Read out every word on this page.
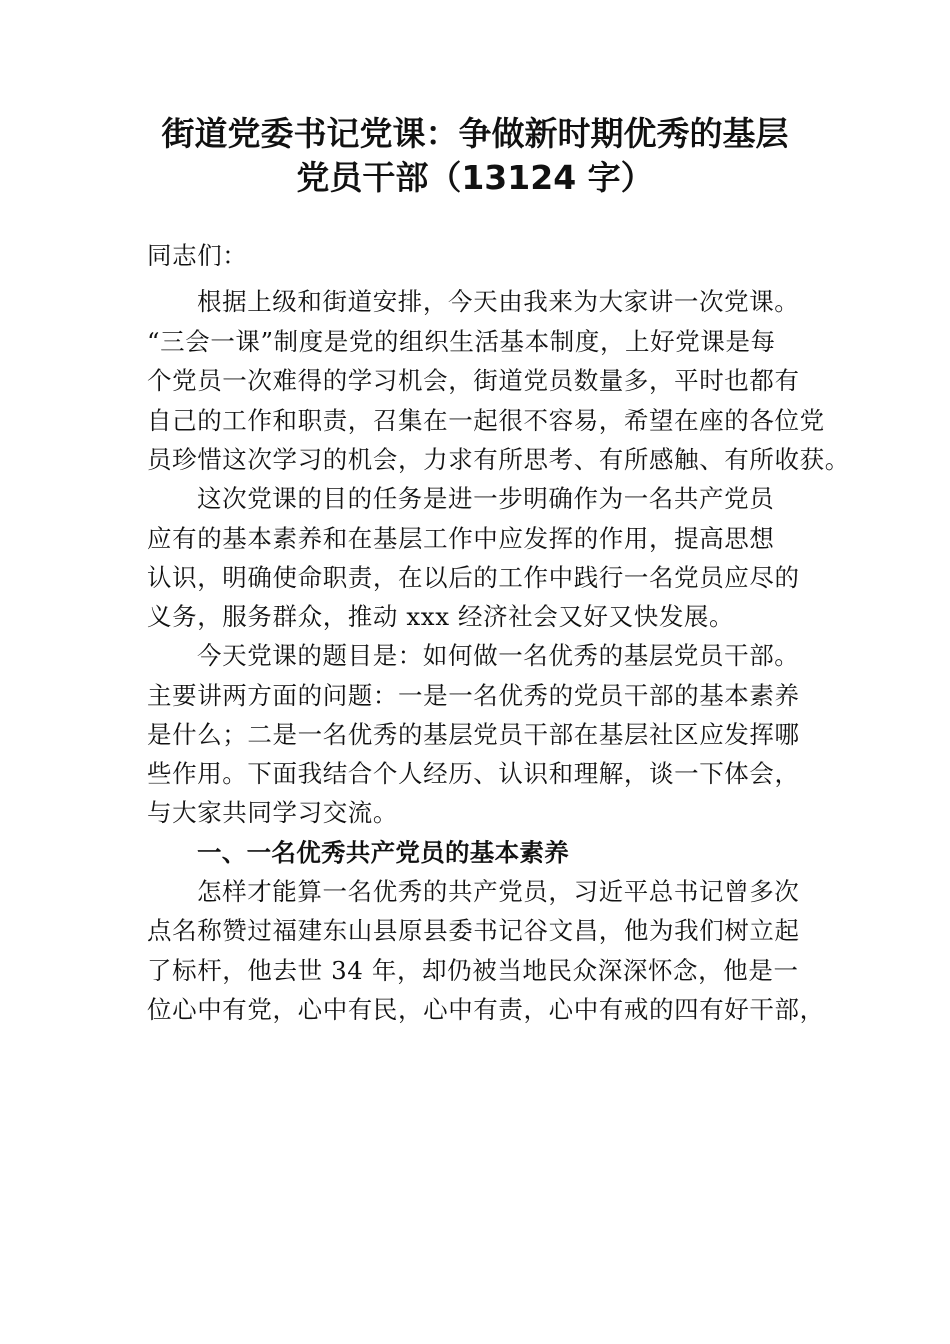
街道党委书记党课：争做新时期优秀的基层
党员干部（13124 字）

同志们：

根据上级和街道安排，今天由我来为大家讲一次党课。

“三会一课”制度是党的组织生活基本制度，上好党课是每

个党员一次难得的学习机会，街道党员数量多，平时也都有

自己的工作和职责，召集在一起很不容易，希望在座的各位党

员珍惜这次学习的机会，力求有所思考、有所感触、有所收获。

这次党课的目的任务是进一步明确作为一名共产党员

应有的基本素养和在基层工作中应发挥的作用，提高思想

认识，明确使命职责，在以后的工作中践行一名党员应尽的

义务，服务群众，推动 xxx 经济社会又好又快发展。

今天党课的题目是：如何做一名优秀的基层党员干部。

主要讲两方面的问题：一是一名优秀的党员干部的基本素养

是什么；二是一名优秀的基层党员干部在基层社区应发挥哪

些作用。下面我结合个人经历、认识和理解，谈一下体会，

与大家共同学习交流。

一、一名优秀共产党员的基本素养

怎样才能算一名优秀的共产党员，习近平总书记曾多次

点名称赞过福建东山县原县委书记谷文昌，他为我们树立起

了标杆，他去世 34 年，却仍被当地民众深深怀念，他是一

位心中有党，心中有民，心中有责，心中有戒的四有好干部，
